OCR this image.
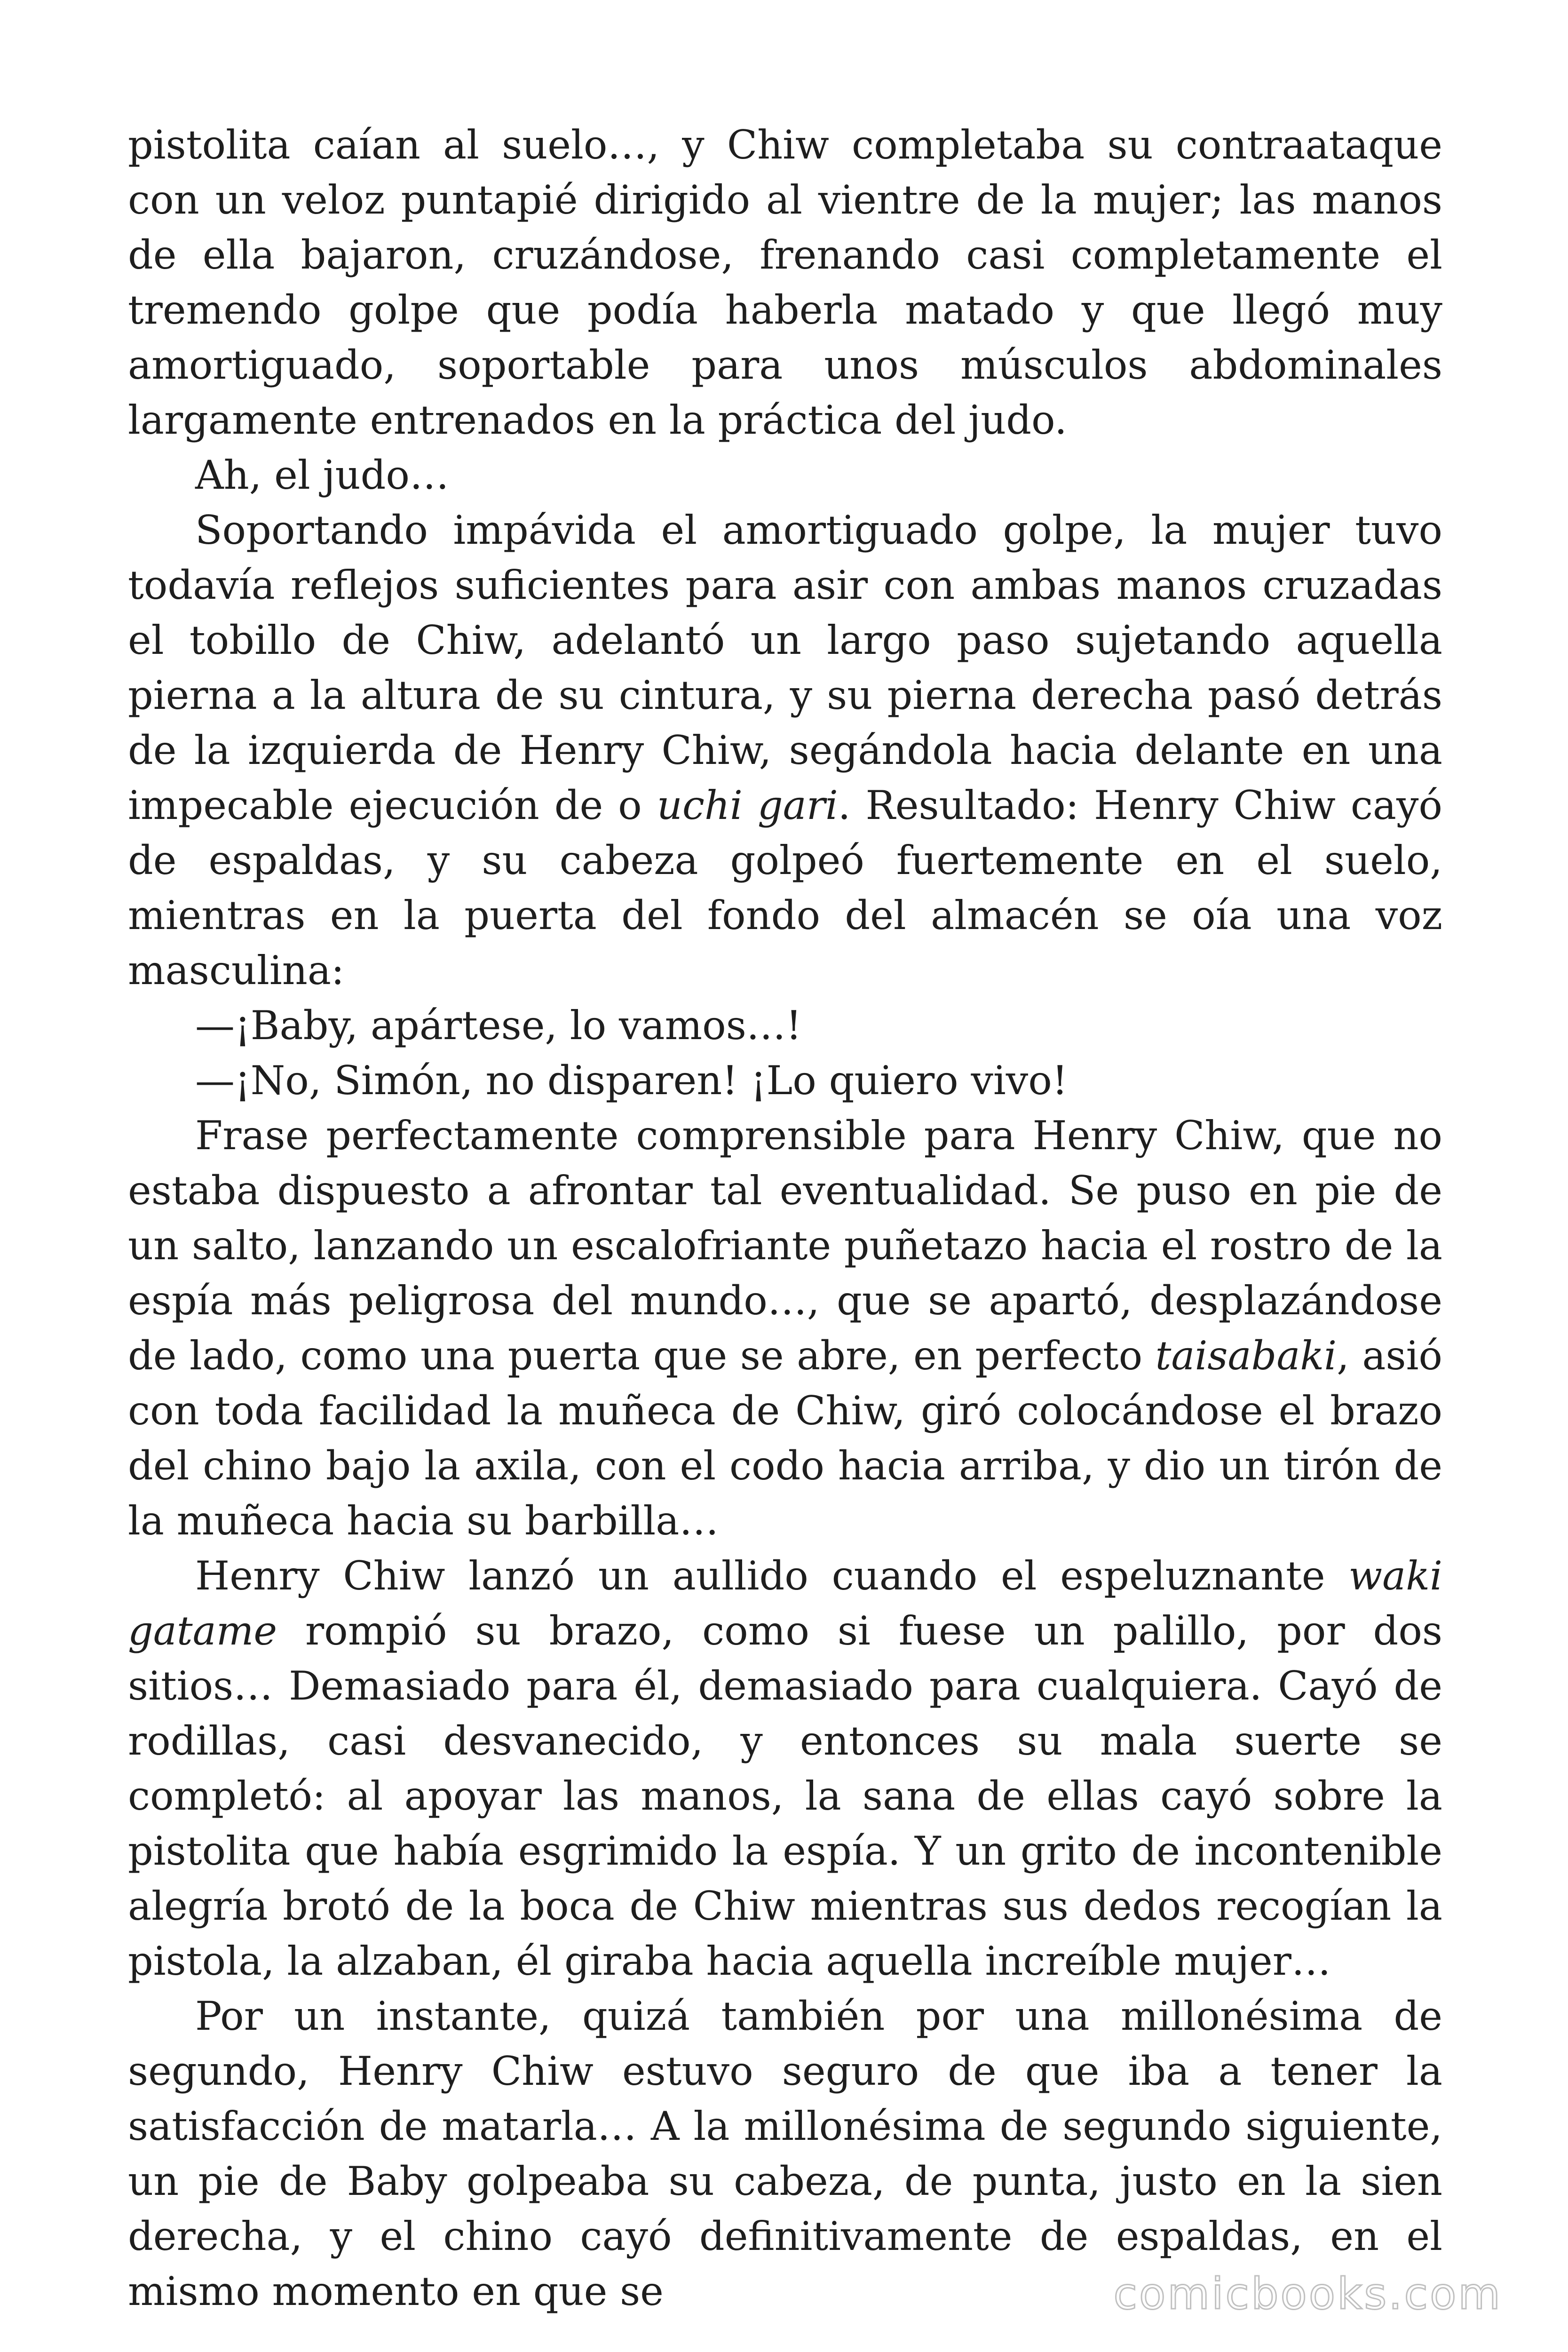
pistolita caían al suelo…, y Chiw completaba su contraataque con un veloz puntapié dirigido al vientre de la mujer; las manos de ella bajaron, cruzándose, frenando casi completamente el tremendo golpe que podía haberla matado y que llegó muy amortiguado, soportable para unos músculos abdominales largamente entrenados en la práctica del judo.

Ah, el judo…

Soportando impávida el amortiguado golpe, la mujer tuvo todavía reflejos suficientes para asir con ambas manos cruzadas el tobillo de Chiw, adelantó un largo paso sujetando aquella pierna a la altura de su cintura, y su pierna derecha pasó detrás de la izquierda de Henry Chiw, segándola hacia delante en una impecable ejecución de o uchi gari. Resultado: Henry Chiw cayó de espaldas, y su cabeza golpeó fuertemente en el suelo, mientras en la puerta del fondo del almacén se oía una voz masculina:

—¡Baby, apártese, lo vamos…!

—¡No, Simón, no disparen! ¡Lo quiero vivo!

Frase perfectamente comprensible para Henry Chiw, que no estaba dispuesto a afrontar tal eventualidad. Se puso en pie de un salto, lanzando un escalofriante puñetazo hacia el rostro de la espía más peligrosa del mundo…, que se apartó, desplazándose de lado, como una puerta que se abre, en perfecto taisabaki, asió con toda facilidad la muñeca de Chiw, giró colocándose el brazo del chino bajo la axila, con el codo hacia arriba, y dio un tirón de la muñeca hacia su barbilla…

Henry Chiw lanzó un aullido cuando el espeluznante waki gatame rompió su brazo, como si fuese un palillo, por dos sitios… Demasiado para él, demasiado para cualquiera. Cayó de rodillas, casi desvanecido, y entonces su mala suerte se completó: al apoyar las manos, la sana de ellas cayó sobre la pistolita que había esgrimido la espía. Y un grito de incontenible alegría brotó de la boca de Chiw mientras sus dedos recogían la pistola, la alzaban, él giraba hacia aquella increíble mujer…

Por un instante, quizá también por una millonésima de segundo, Henry Chiw estuvo seguro de que iba a tener la satisfacción de matarla… A la millonésima de segundo siguiente, un pie de Baby golpeaba su cabeza, de punta, justo en la sien derecha, y el chino cayó definitivamente de espaldas, en el mismo momento en que se	comicbooks.com
